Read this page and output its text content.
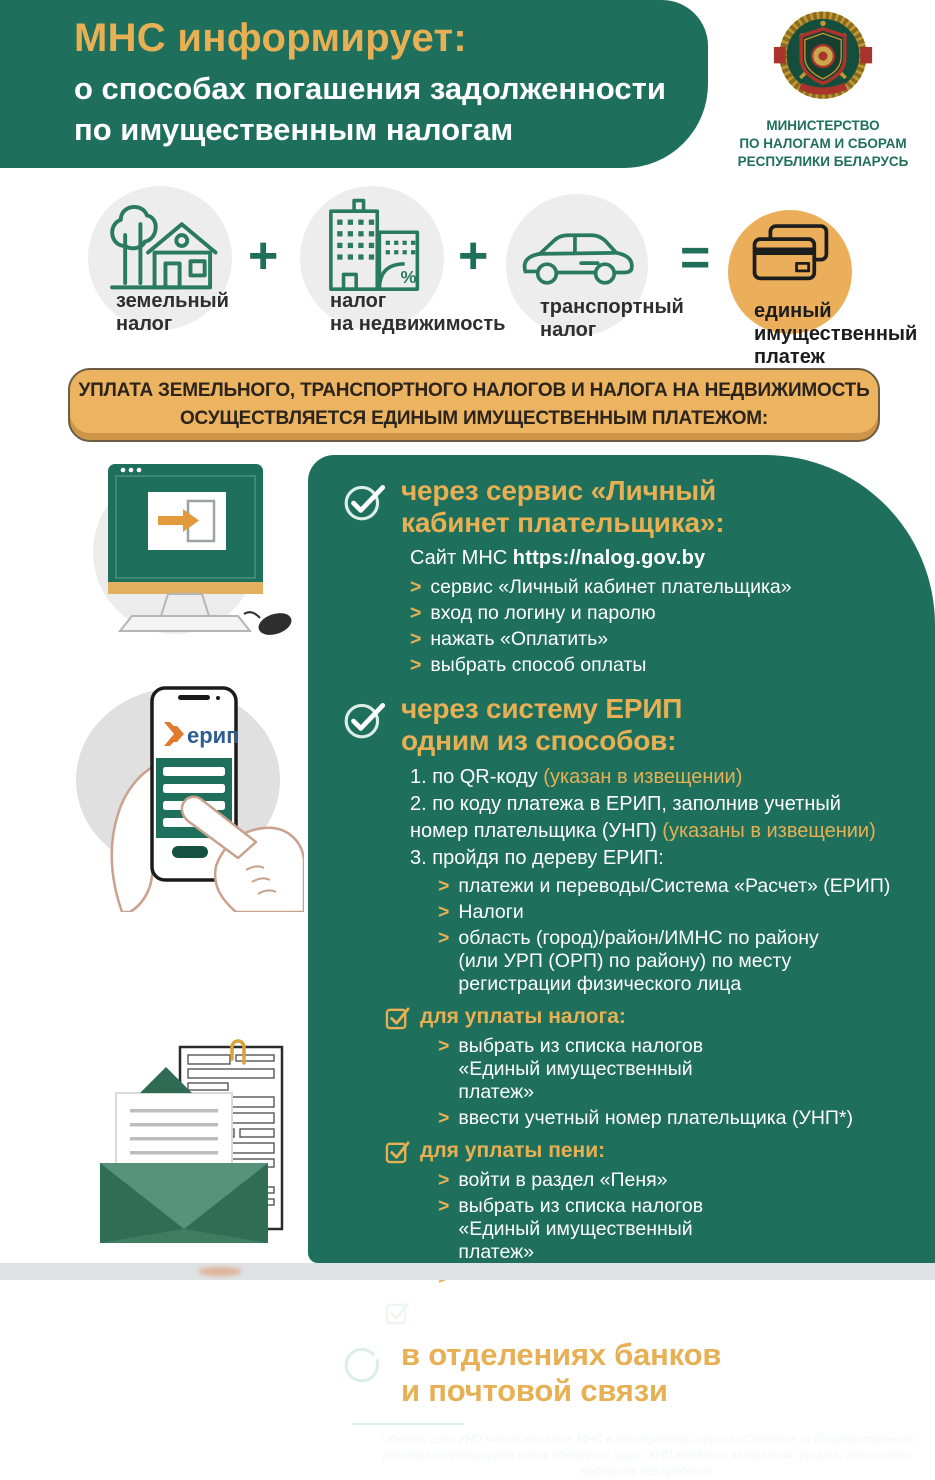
МНС информирует:
о способах погашения задолженности
по имущественным налогам	МИНИСТЕРСТВО
ПО НАЛОГАМ И СБОРАМ
РЕСПУБЛИКИ БЕЛАРУСЬ
земельный
налог
+	%
налог
на недвижимость
+
транспортный
налог
=
единый
имущественный
платеж
УПЛАТА ЗЕМЕЛЬНОГО, ТРАНСПОРТНОГО НАЛОГОВ И НАЛОГА НА НЕДВИЖИМОСТЬ
ОСУЩЕСТВЛЯЕТСЯ ЕДИНЫМ ИМУЩЕСТВЕННЫМ ПЛАТЕЖОМ:
ерип
через сервис «Личный
кабинет плательщика»:
Сайт МНС https://nalog.gov.by
> сервис «Личный кабинет плательщика»
> вход по логину и паролю
> нажать «Оплатить»
> выбрать способ оплаты
через систему ЕРИП
одним из способов:
1. по QR-коду (указан в извещении)
2. по коду платежа в ЕРИП, заполнив учетный номер плательщика (УНП) (указаны в извещении)
3. пройдя по дереву ЕРИП:
> платежи и переводы/Система «Расчет» (ЕРИП)
> Налоги
> область (город)/район/ИМНС по району (или УРП (ОРП) по району) по месту регистрации физического лица
для уплаты налога:
> выбрать из списка налогов «Единый имущественный платеж»
> ввести учетный номер плательщика (УНП*)
для уплаты пени:
> войти в раздел «Пеня»
> выбрать из списка налогов «Единый имущественный платеж»
нажать «Оплатить»
в отделениях банков
и почтовой связи
* Узнать свой УНП можно на сайте МНС в электронном сервисе «Сведения из Государственного реестра плательщиков (иных обязанных лиц)». УНП вводится заглавными буквами латинского алфавита без пробелов.
